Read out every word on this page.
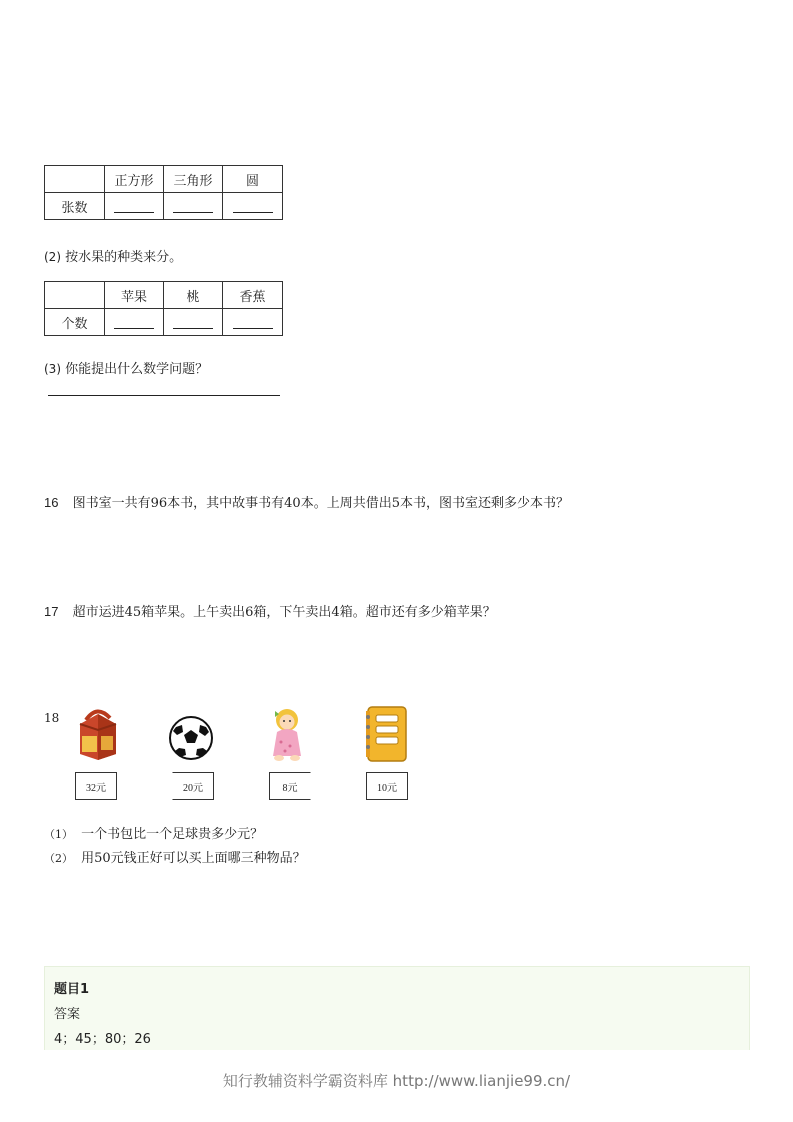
	正方形	三角形	圆
张数			
(2) 按水果的种类来分。
	苹果	桃	香蕉
个数			
(3) 你能提出什么数学问题？
16 图书室一共有96本书，其中故事书有40本。上周共借出5本书，图书室还剩多少本书？
17 超市运进45箱苹果。上午卖出6箱，下午卖出4箱。超市还有多少箱苹果？
18
32元	20元	8元	10元
（1） 一个书包比一个足球贵多少元？
（2） 用50元钱正好可以买上面哪三种物品？
题目1
答案
4；45；80；26
知行教辅资料学霸资料库 http://www.lianjie99.cn/
